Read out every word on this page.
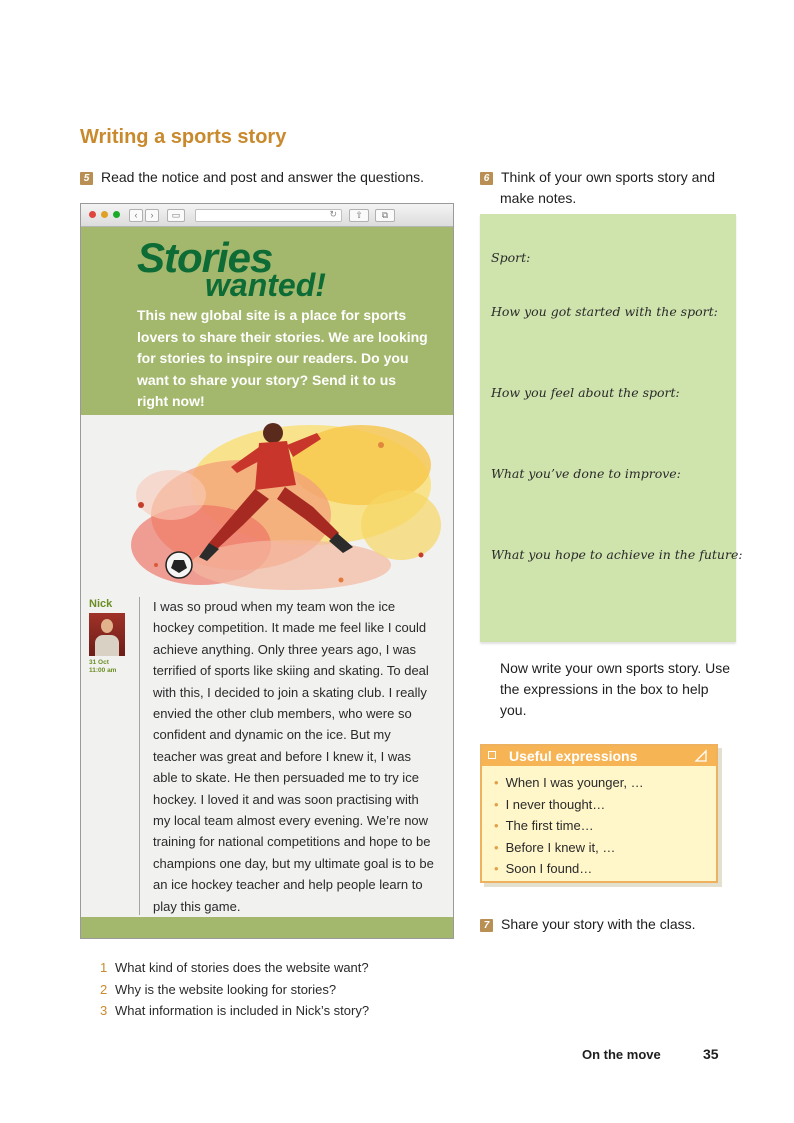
Writing a sports story
5 Read the notice and post and answer the questions.
‹	›	▭	↻	⇧	⧉
Stories
wanted!

This new global site is a place for sports lovers to share their stories. We are looking for stories to inspire our readers. Do you want to share your story? Send it to us right now!

Nick
31 Oct
11:00 am

I was so proud when my team won the ice hockey competition. It made me feel like I could achieve anything. Only three years ago, I was terrified of sports like skiing and skating. To deal with this, I decided to join a skating club. I really envied the other club members, who were so confident and dynamic on the ice. But my teacher was great and before I knew it, I was able to skate. He then persuaded me to try ice hockey. I loved it and was soon practising with my local team almost every evening. We’re now training for national competitions and hope to be champions one day, but my ultimate goal is to be an ice hockey teacher and help people learn to play this game.

1 What kind of stories does the website want?
2 Why is the website looking for stories?
3 What information is included in Nick’s story?
6 Think of your own sports story and make notes.
Sport:
How you got started with the sport:
How you feel about the sport:
What you’ve done to improve:
What you hope to achieve in the future:
Now write your own sports story. Use the expressions in the box to help you.
Useful expressions
• When I was younger, …
• I never thought…
• The first time…
• Before I knew it, …
• Soon I found…
7 Share your story with the class.
On the move	35
